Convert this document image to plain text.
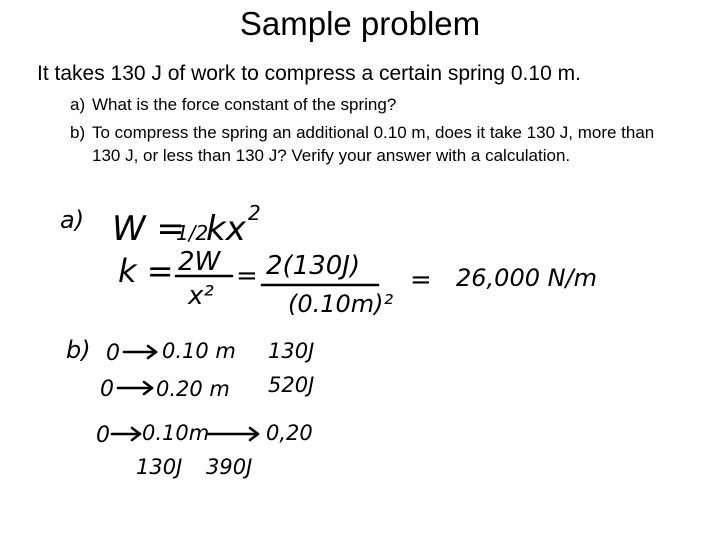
Sample problem
It takes 130 J of work to compress a certain spring 0.10 m.
a) What is the force constant of the spring?
b) To compress the spring an additional 0.10 m, does it take 130 J, more than 130 J, or less than 130 J? Verify your answer with a calculation.
a) W =
1/2
kx 2
k = 2W
x²
= 2(130J)
(0.10m)²
= 26,000 N/m
b) 0 0.10 m 130J
0 0.20 m 520J
0 0.10m	0,20
130J 390J
